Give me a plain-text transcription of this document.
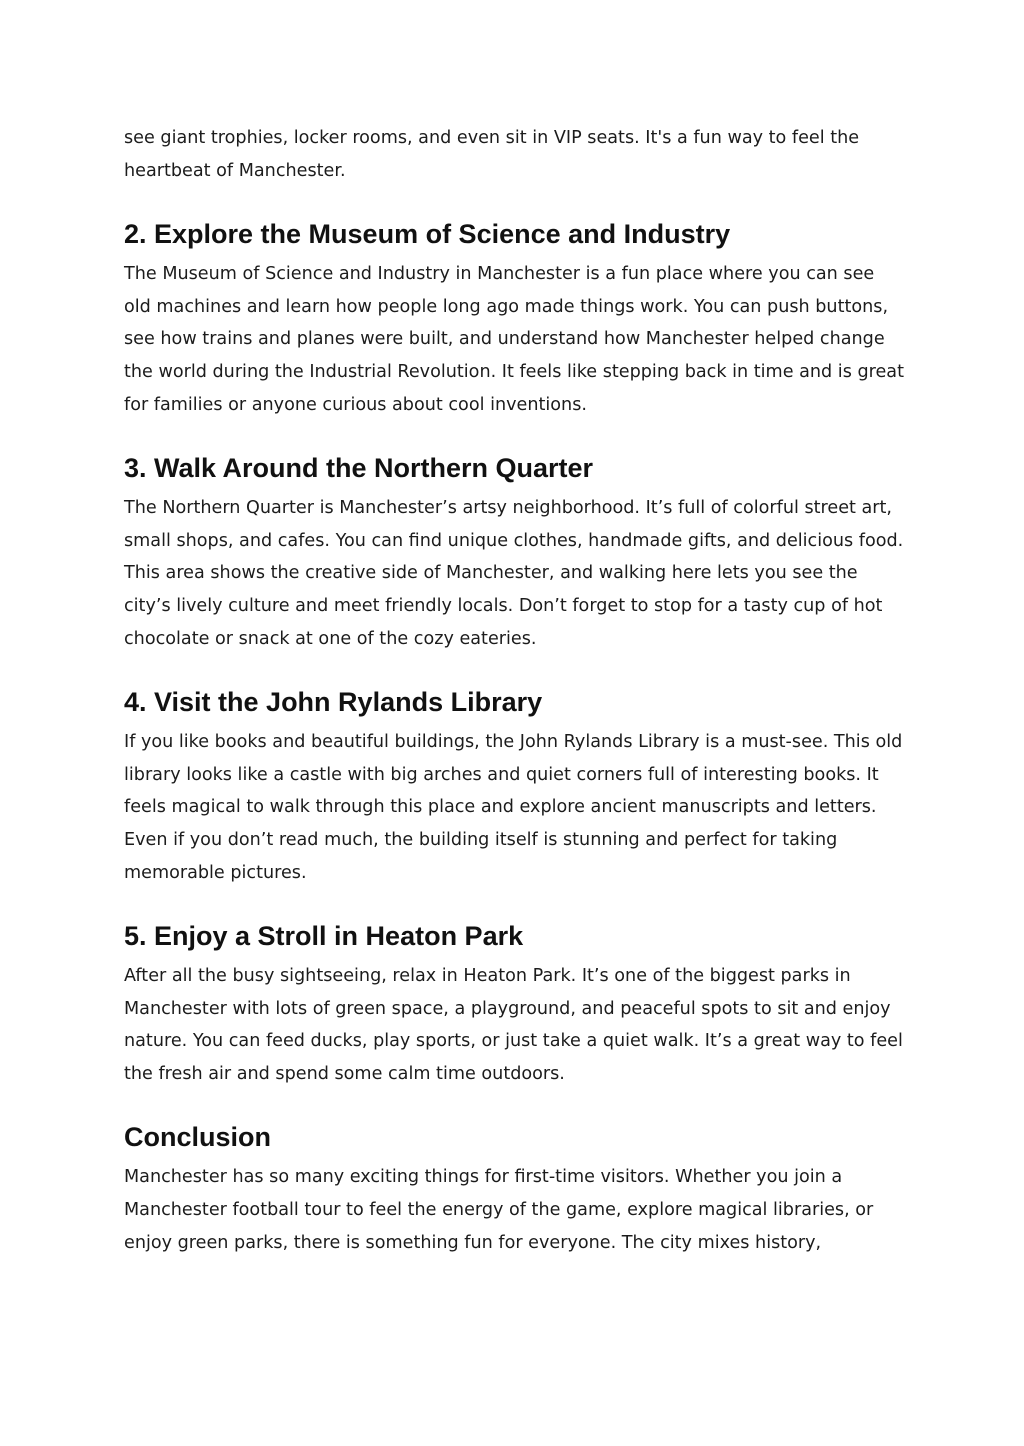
see giant trophies, locker rooms, and even sit in VIP seats. It's a fun way to feel the heartbeat of Manchester.

2. Explore the Museum of Science and Industry

The Museum of Science and Industry in Manchester is a fun place where you can see old machines and learn how people long ago made things work. You can push buttons, see how trains and planes were built, and understand how Manchester helped change the world during the Industrial Revolution. It feels like stepping back in time and is great for families or anyone curious about cool inventions.

3. Walk Around the Northern Quarter

The Northern Quarter is Manchester’s artsy neighborhood. It’s full of colorful street art, small shops, and cafes. You can find unique clothes, handmade gifts, and delicious food. This area shows the creative side of Manchester, and walking here lets you see the city’s lively culture and meet friendly locals. Don’t forget to stop for a tasty cup of hot chocolate or snack at one of the cozy eateries.

4. Visit the John Rylands Library

If you like books and beautiful buildings, the John Rylands Library is a must-see. This old library looks like a castle with big arches and quiet corners full of interesting books. It feels magical to walk through this place and explore ancient manuscripts and letters. Even if you don’t read much, the building itself is stunning and perfect for taking memorable pictures.

5. Enjoy a Stroll in Heaton Park

After all the busy sightseeing, relax in Heaton Park. It’s one of the biggest parks in Manchester with lots of green space, a playground, and peaceful spots to sit and enjoy nature. You can feed ducks, play sports, or just take a quiet walk. It’s a great way to feel the fresh air and spend some calm time outdoors.

Conclusion

Manchester has so many exciting things for first-time visitors. Whether you join a Manchester football tour to feel the energy of the game, explore magical libraries, or enjoy green parks, there is something fun for everyone. The city mixes history,
